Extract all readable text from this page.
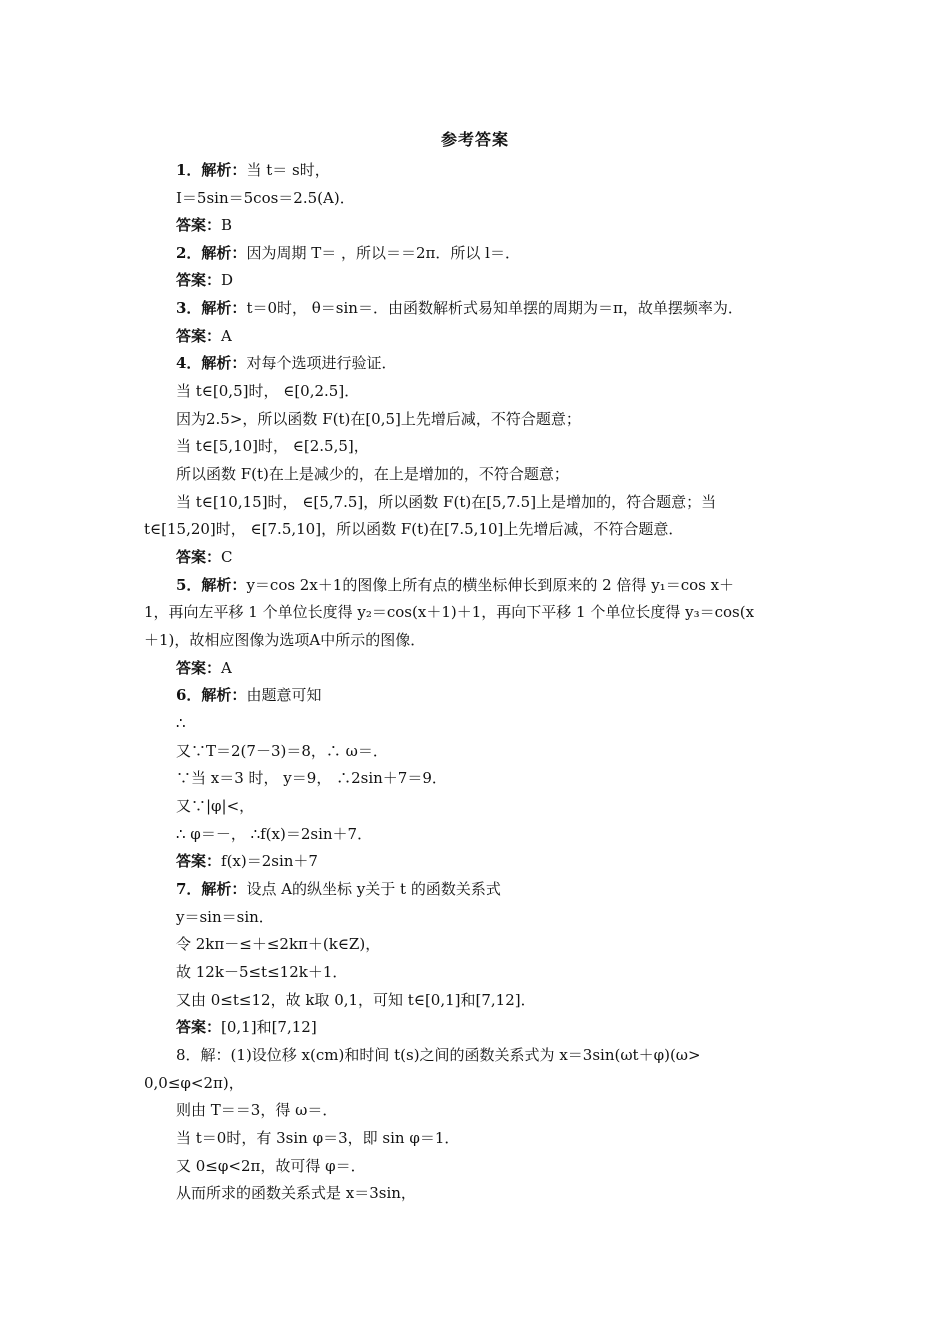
参考答案
1．解析：当 t＝ s时，
I＝5sin＝5cos＝2.5(A)．
答案：B
2．解析：因为周期 T＝ ，所以＝＝2π．所以 l＝．
答案：D
3．解析：t＝0时， θ＝sin＝．由函数解析式易知单摆的周期为＝π，故单摆频率为．
答案：A
4．解析：对每个选项进行验证．
当 t∈[0,5]时， ∈[0,2.5]．
因为2.5>，所以函数 F(t)在[0,5]上先增后减，不符合题意；
当 t∈[5,10]时， ∈[2.5,5]，
所以函数 F(t)在上是减少的，在上是增加的，不符合题意；
当 t∈[10,15]时， ∈[5,7.5]，所以函数 F(t)在[5,7.5]上是增加的，符合题意；当
t∈[15,20]时， ∈[7.5,10]，所以函数 F(t)在[7.5,10]上先增后减，不符合题意．
答案：C
5．解析：y＝cos 2x＋1的图像上所有点的横坐标伸长到原来的 2 倍得 y₁＝cos x＋
1，再向左平移 1 个单位长度得 y₂＝cos(x＋1)＋1，再向下平移 1 个单位长度得 y₃＝cos(x
＋1)，故相应图像为选项A中所示的图像．
答案：A
6．解析：由题意可知
∴
又∵T＝2(7－3)＝8，∴ ω＝．
∵当 x＝3 时， y＝9， ∴2sin＋7＝9．
又∵|φ|<，
∴ φ＝－， ∴f(x)＝2sin＋7．
答案：f(x)＝2sin＋7
7．解析：设点 A的纵坐标 y关于 t 的函数关系式
y＝sin＝sin．
令 2kπ－≤＋≤2kπ＋(k∈Z)，
故 12k－5≤t≤12k＋1．
又由 0≤t≤12，故 k取 0,1，可知 t∈[0,1]和[7,12]．
答案：[0,1]和[7,12]
8．解：(1)设位移 x(cm)和时间 t(s)之间的函数关系式为 x＝3sin(ωt＋φ)(ω>
0,0≤φ<2π)，
则由 T＝＝3，得 ω＝．
当 t＝0时，有 3sin φ＝3，即 sin φ＝1．
又 0≤φ<2π，故可得 φ＝．
从而所求的函数关系式是 x＝3sin，
